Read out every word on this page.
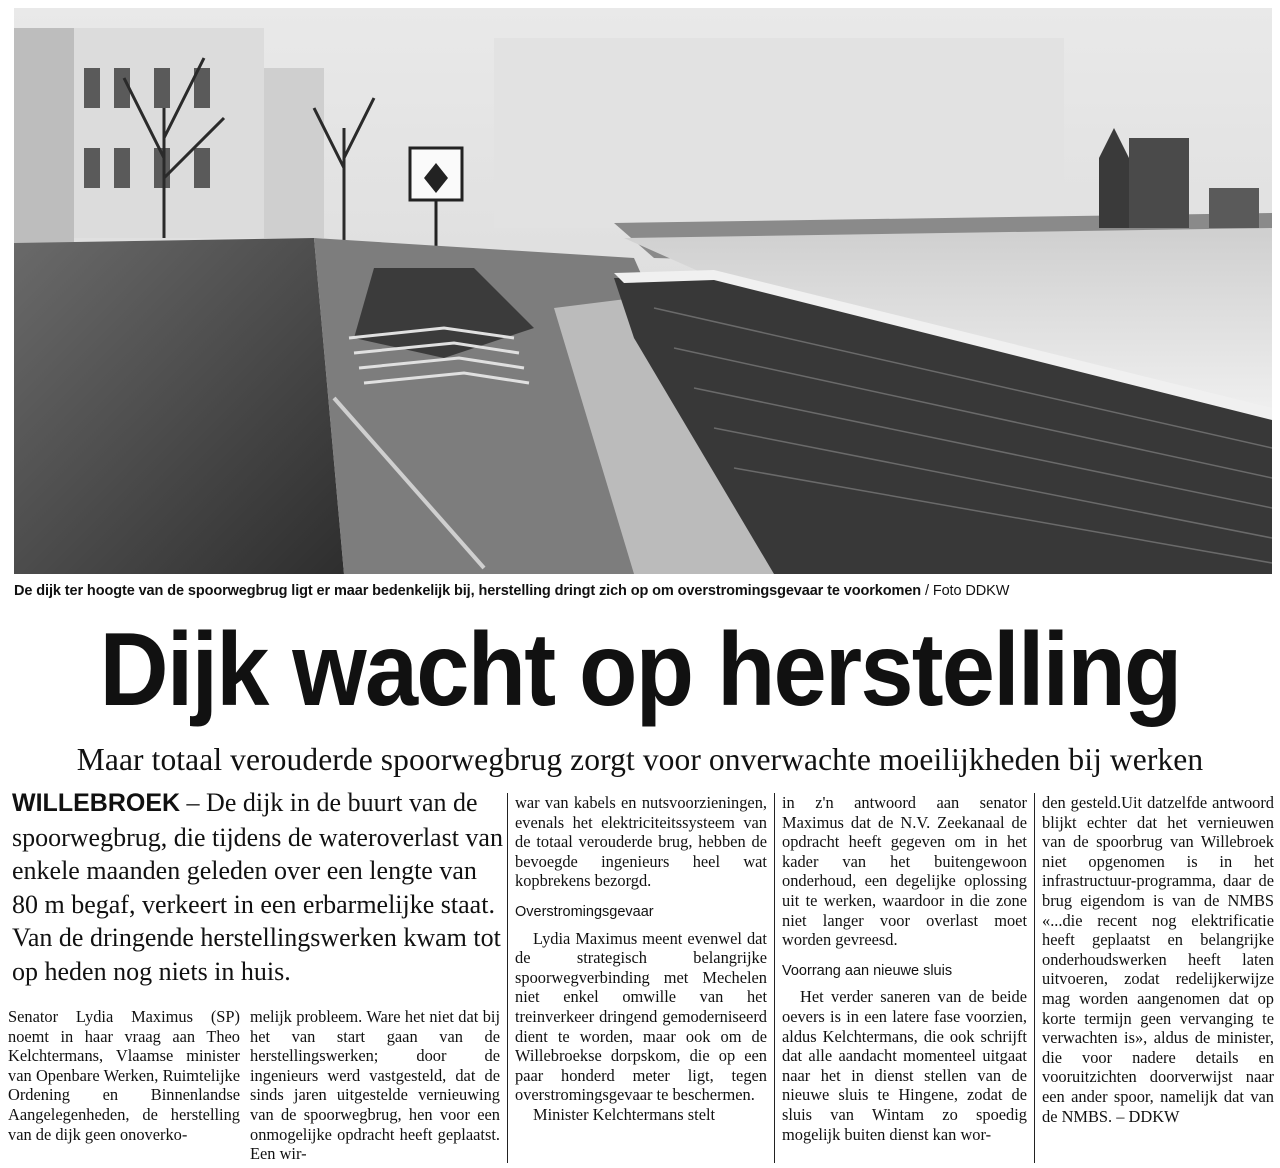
De dijk ter hoogte van de spoorwegbrug ligt er maar bedenkelijk bij, herstelling dringt zich op om overstromingsgevaar te voorkomen / Foto DDKW
Dijk wacht op herstelling
Maar totaal verouderde spoorwegbrug zorgt voor onverwachte moeilijkheden bij werken
WILLEBROEK – De dijk in de buurt van de spoorwegbrug, die tijdens de wateroverlast van enkele maanden geleden over een lengte van 80 m begaf, verkeert in een erbarmelijke staat. Van de dringende herstellingswerken kwam tot op heden nog niets in huis.

Senator Lydia Maximus (SP) noemt in haar vraag aan Theo Kelchtermans, Vlaamse minister van Openbare Werken, Ruimtelijke Ordening en Binnenlandse Aangelegenheden, de herstelling van de dijk geen onoverko-

melijk probleem. Ware het niet dat bij het van start gaan van de herstellingswerken; door de ingenieurs werd vastgesteld, dat de sinds jaren uitgestelde vernieuwing van de spoorwegbrug, hen voor een onmogelijke opdracht heeft geplaatst. Een wir-

war van kabels en nutsvoorzieningen, evenals het elektriciteitssysteem van de totaal verouderde brug, hebben de bevoegde ingenieurs heel wat kopbrekens bezorgd.

Overstromingsgevaar

Lydia Maximus meent evenwel dat de strategisch belangrijke spoorwegverbinding met Mechelen niet enkel omwille van het treinverkeer dringend gemoderniseerd dient te worden, maar ook om de Willebroekse dorpskom, die op een paar honderd meter ligt, tegen overstromingsgevaar te beschermen.

Minister Kelchtermans stelt

in z'n antwoord aan senator Maximus dat de N.V. Zeekanaal de opdracht heeft gegeven om in het kader van het buitengewoon onderhoud, een degelijke oplossing uit te werken, waardoor in die zone niet langer voor overlast moet worden gevreesd.

Voorrang aan nieuwe sluis

Het verder saneren van de beide oevers is in een latere fase voorzien, aldus Kelchtermans, die ook schrijft dat alle aandacht momenteel uitgaat naar het in dienst stellen van de nieuwe sluis te Hingene, zodat de sluis van Wintam zo spoedig mogelijk buiten dienst kan wor-

den gesteld.Uit datzelfde antwoord blijkt echter dat het vernieuwen van de spoorbrug van Willebroek niet opgenomen is in het infrastructuur-programma, daar de brug eigendom is van de NMBS «...die recent nog elektrificatie heeft geplaatst en belangrijke onderhoudswerken heeft laten uitvoeren, zodat redelijkerwijze mag worden aangenomen dat op korte termijn geen vervanging te verwachten is», aldus de minister, die voor nadere details en vooruitzichten doorverwijst naar een ander spoor, namelijk dat van de NMBS. – DDKW
